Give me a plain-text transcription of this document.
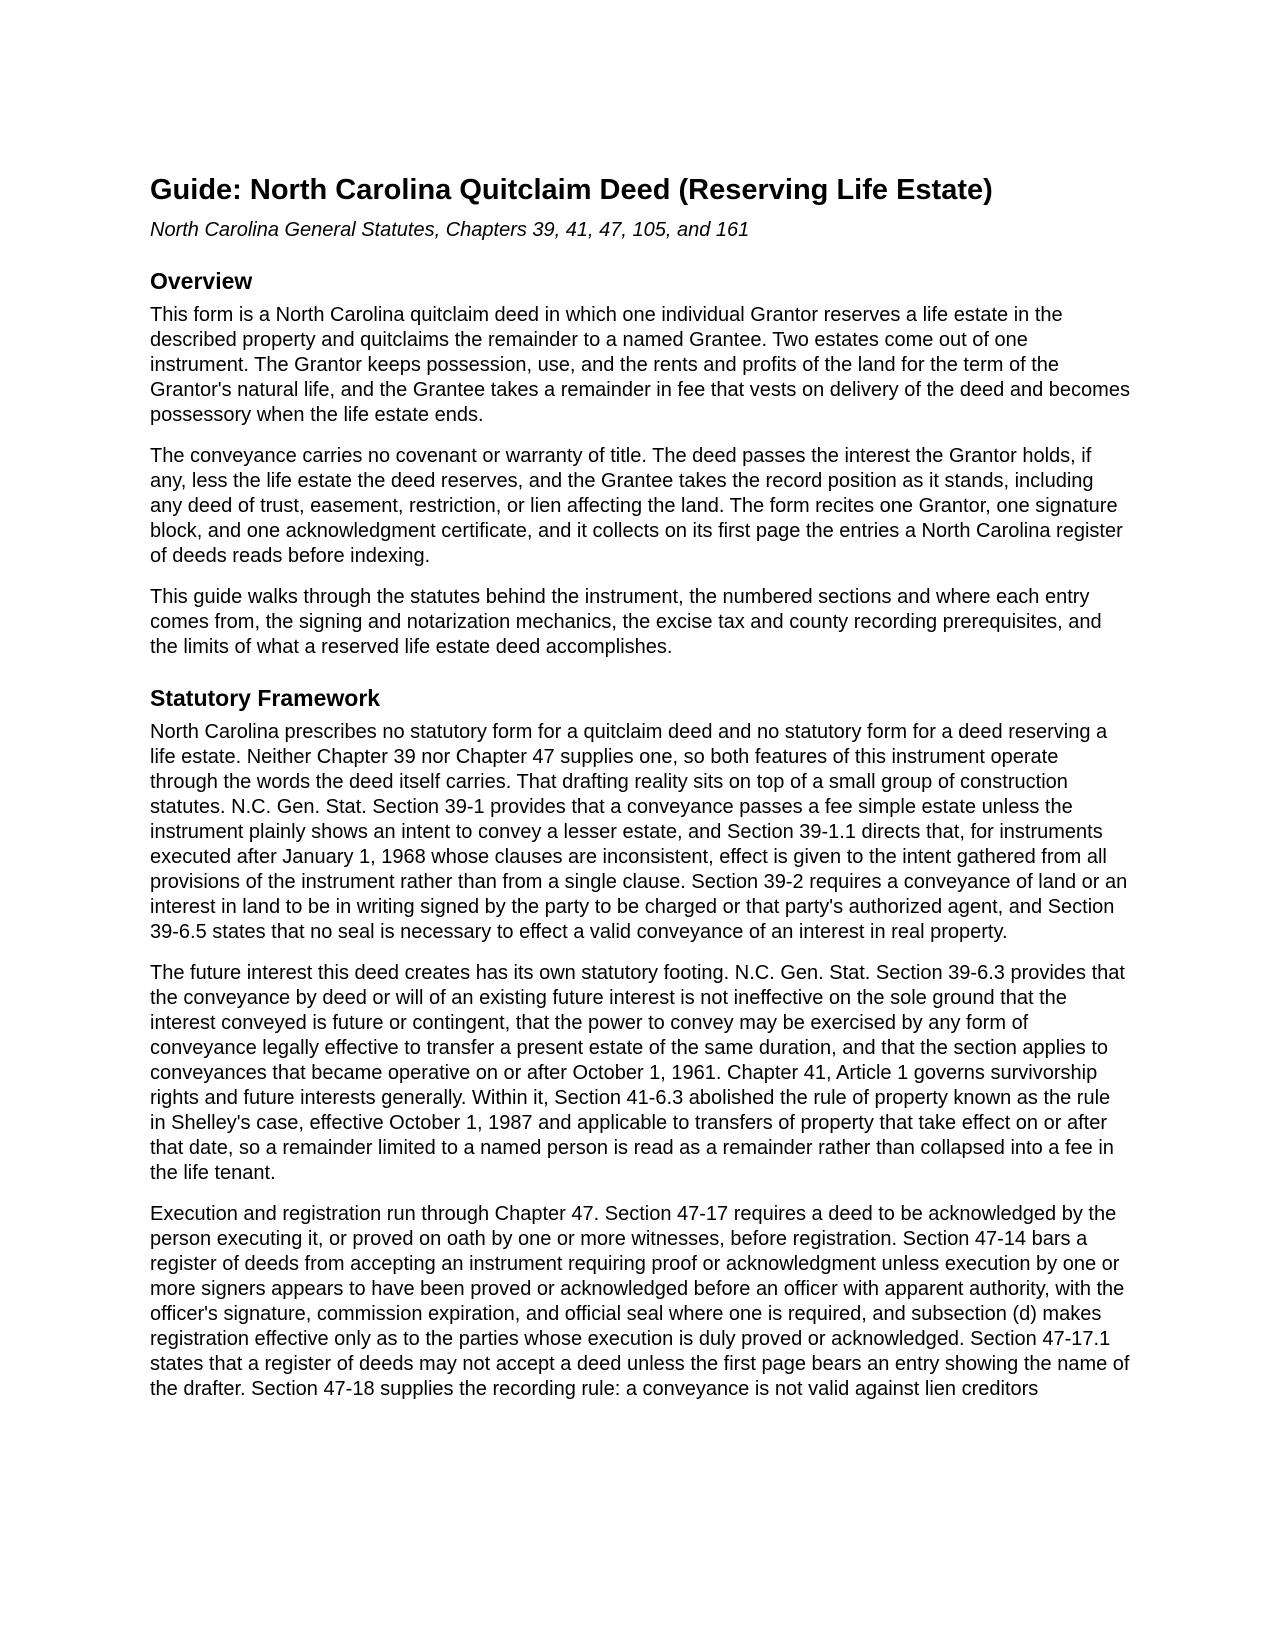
Guide: North Carolina Quitclaim Deed (Reserving Life Estate)

North Carolina General Statutes, Chapters 39, 41, 47, 105, and 161

Overview

This form is a North Carolina quitclaim deed in which one individual Grantor reserves a life estate in the described property and quitclaims the remainder to a named Grantee. Two estates come out of one instrument. The Grantor keeps possession, use, and the rents and profits of the land for the term of the Grantor's natural life, and the Grantee takes a remainder in fee that vests on delivery of the deed and becomes possessory when the life estate ends.

The conveyance carries no covenant or warranty of title. The deed passes the interest the Grantor holds, if any, less the life estate the deed reserves, and the Grantee takes the record position as it stands, including any deed of trust, easement, restriction, or lien affecting the land. The form recites one Grantor, one signature block, and one acknowledgment certificate, and it collects on its first page the entries a North Carolina register of deeds reads before indexing.

This guide walks through the statutes behind the instrument, the numbered sections and where each entry comes from, the signing and notarization mechanics, the excise tax and county recording prerequisites, and the limits of what a reserved life estate deed accomplishes.

Statutory Framework

North Carolina prescribes no statutory form for a quitclaim deed and no statutory form for a deed reserving a life estate. Neither Chapter 39 nor Chapter 47 supplies one, so both features of this instrument operate through the words the deed itself carries. That drafting reality sits on top of a small group of construction statutes. N.C. Gen. Stat. Section 39-1 provides that a conveyance passes a fee simple estate unless the instrument plainly shows an intent to convey a lesser estate, and Section 39-1.1 directs that, for instruments executed after January 1, 1968 whose clauses are inconsistent, effect is given to the intent gathered from all provisions of the instrument rather than from a single clause. Section 39-2 requires a conveyance of land or an interest in land to be in writing signed by the party to be charged or that party's authorized agent, and Section 39-6.5 states that no seal is necessary to effect a valid conveyance of an interest in real property.

The future interest this deed creates has its own statutory footing. N.C. Gen. Stat. Section 39-6.3 provides that the conveyance by deed or will of an existing future interest is not ineffective on the sole ground that the interest conveyed is future or contingent, that the power to convey may be exercised by any form of conveyance legally effective to transfer a present estate of the same duration, and that the section applies to conveyances that became operative on or after October 1, 1961. Chapter 41, Article 1 governs survivorship rights and future interests generally. Within it, Section 41-6.3 abolished the rule of property known as the rule in Shelley's case, effective October 1, 1987 and applicable to transfers of property that take effect on or after that date, so a remainder limited to a named person is read as a remainder rather than collapsed into a fee in the life tenant.

Execution and registration run through Chapter 47. Section 47-17 requires a deed to be acknowledged by the person executing it, or proved on oath by one or more witnesses, before registration. Section 47-14 bars a register of deeds from accepting an instrument requiring proof or acknowledgment unless execution by one or more signers appears to have been proved or acknowledged before an officer with apparent authority, with the officer's signature, commission expiration, and official seal where one is required, and subsection (d) makes registration effective only as to the parties whose execution is duly proved or acknowledged. Section 47-17.1 states that a register of deeds may not accept a deed unless the first page bears an entry showing the name of the drafter. Section 47-18 supplies the recording rule: a conveyance is not valid against lien creditors
